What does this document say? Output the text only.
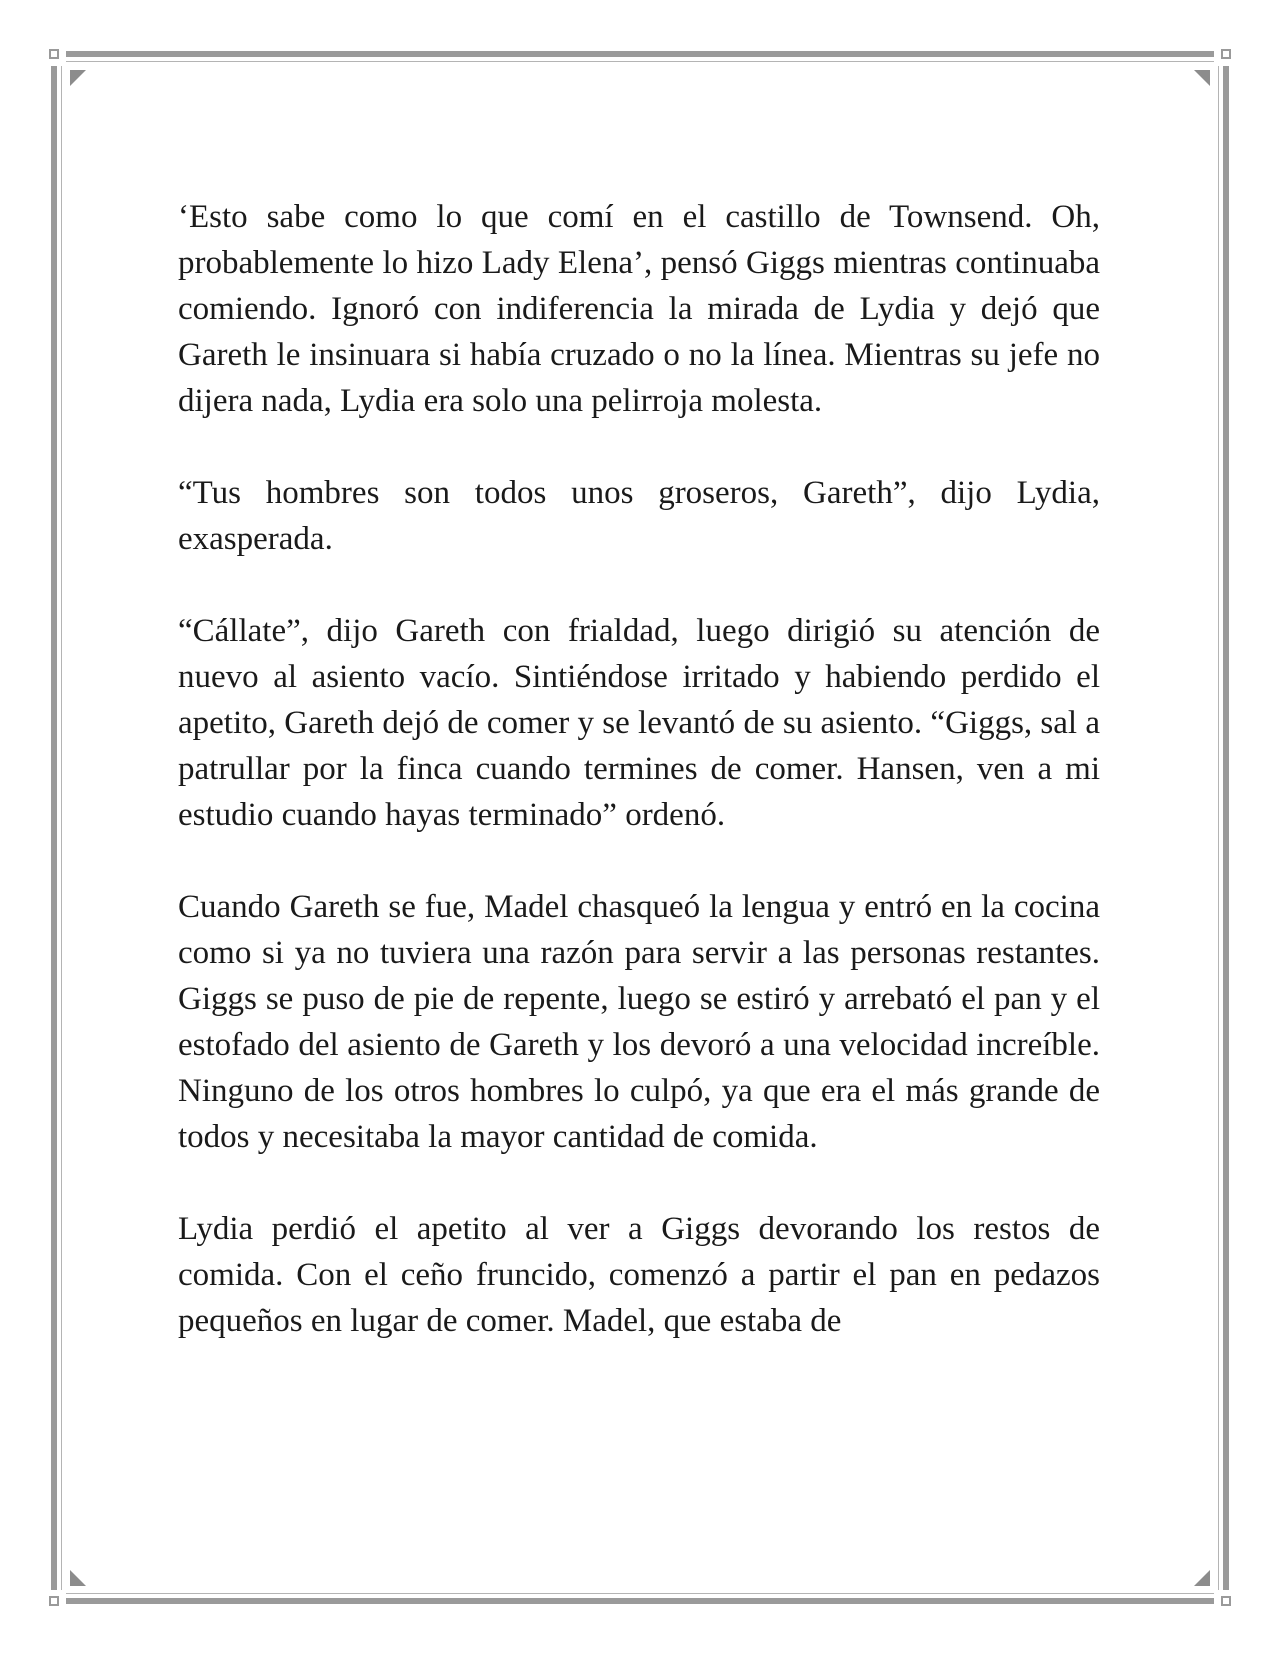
‘Esto sabe como lo que comí en el castillo de Townsend. Oh, probablemente lo hizo Lady Elena’, pensó Giggs mientras continuaba comiendo. Ignoró con indiferencia la mirada de Lydia y dejó que Gareth le insinuara si había cruzado o no la línea. Mientras su jefe no dijera nada, Lydia era solo una pelirroja molesta.

“Tus hombres son todos unos groseros, Gareth”, dijo Lydia, exasperada.

“Cállate”, dijo Gareth con frialdad, luego dirigió su atención de nuevo al asiento vacío. Sintiéndose irritado y habiendo perdido el apetito, Gareth dejó de comer y se levantó de su asiento. “Giggs, sal a patrullar por la finca cuando termines de comer. Hansen, ven a mi estudio cuando hayas terminado” ordenó.

Cuando Gareth se fue, Madel chasqueó la lengua y entró en la cocina como si ya no tuviera una razón para servir a las personas restantes. Giggs se puso de pie de repente, luego se estiró y arrebató el pan y el estofado del asiento de Gareth y los devoró a una velocidad increíble. Ninguno de los otros hombres lo culpó, ya que era el más grande de todos y necesitaba la mayor cantidad de comida.

Lydia perdió el apetito al ver a Giggs devorando los restos de comida. Con el ceño fruncido, comenzó a partir el pan en pedazos pequeños en lugar de comer. Madel, que estaba de
